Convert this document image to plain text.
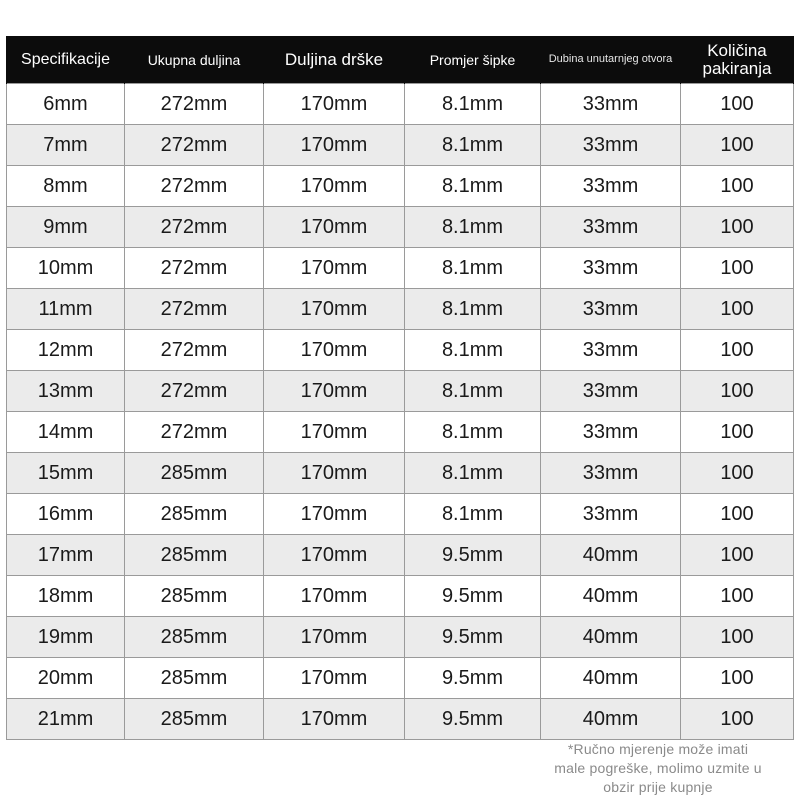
Specifikacije	Ukupna duljina	Duljina drške	Promjer šipke	Dubina unutarnjeg otvora	Količina pakiranja
6mm	272mm	170mm	8.1mm	33mm	100
7mm	272mm	170mm	8.1mm	33mm	100
8mm	272mm	170mm	8.1mm	33mm	100
9mm	272mm	170mm	8.1mm	33mm	100
10mm	272mm	170mm	8.1mm	33mm	100
11mm	272mm	170mm	8.1mm	33mm	100
12mm	272mm	170mm	8.1mm	33mm	100
13mm	272mm	170mm	8.1mm	33mm	100
14mm	272mm	170mm	8.1mm	33mm	100
15mm	285mm	170mm	8.1mm	33mm	100
16mm	285mm	170mm	8.1mm	33mm	100
17mm	285mm	170mm	9.5mm	40mm	100
18mm	285mm	170mm	9.5mm	40mm	100
19mm	285mm	170mm	9.5mm	40mm	100
20mm	285mm	170mm	9.5mm	40mm	100
21mm	285mm	170mm	9.5mm	40mm	100
*Ručno mjerenje može imati
male pogreške, molimo uzmite u
obzir prije kupnje
